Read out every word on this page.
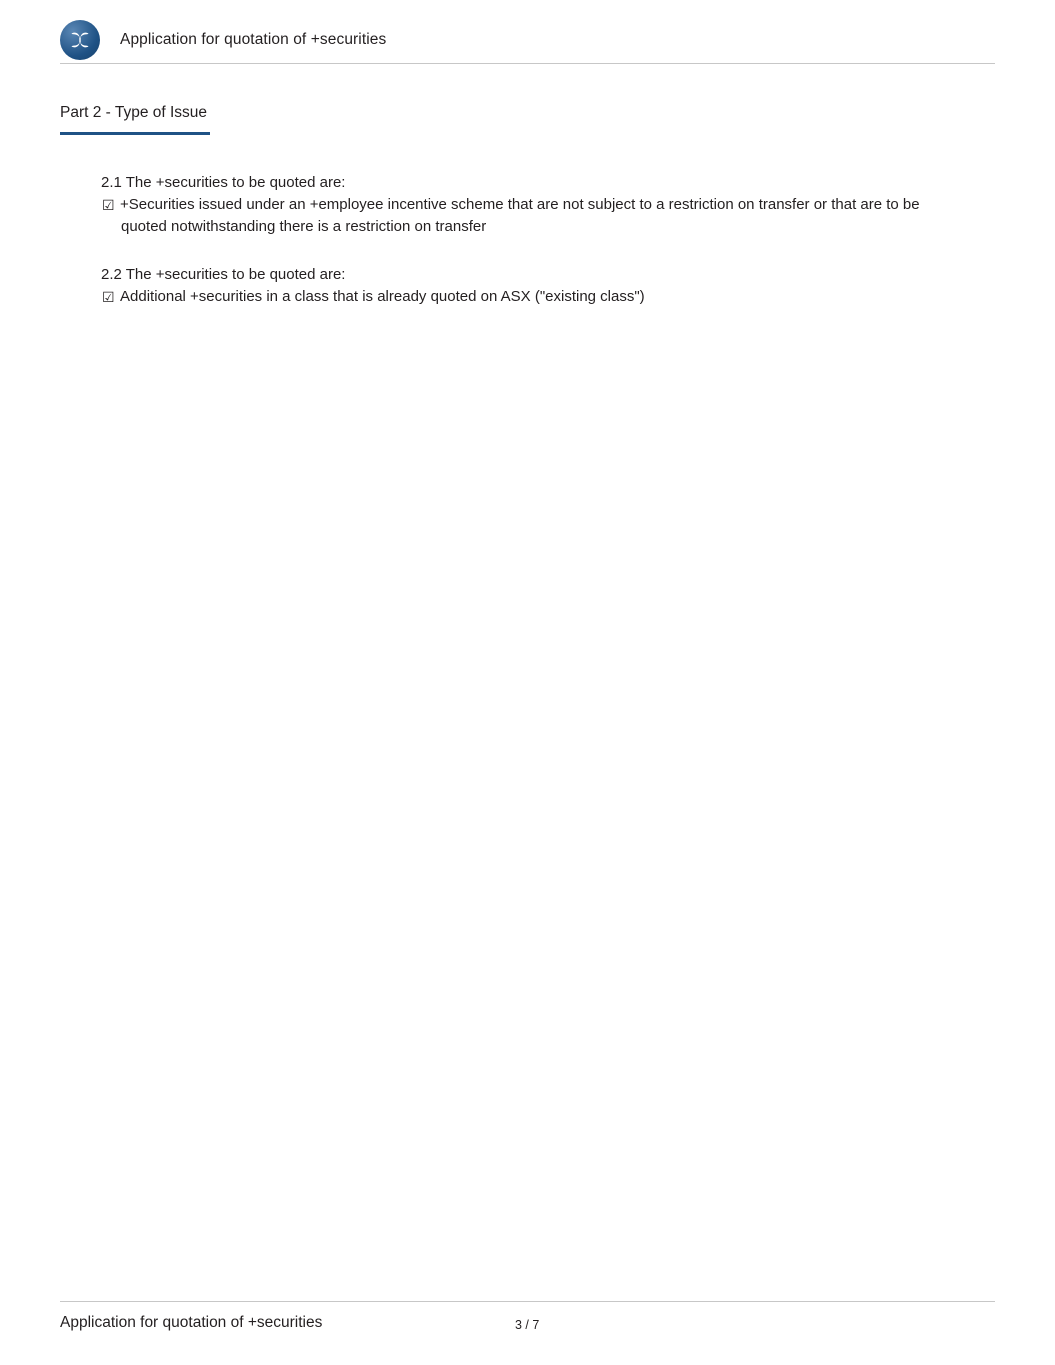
Application for quotation of +securities
Part 2 - Type of Issue
2.1 The +securities to be quoted are:
☑ +Securities issued under an +employee incentive scheme that are not subject to a restriction on transfer or that are to be quoted notwithstanding there is a restriction on transfer
2.2 The +securities to be quoted are:
☑ Additional +securities in a class that is already quoted on ASX ("existing class")
Application for quotation of +securities	3 / 7
